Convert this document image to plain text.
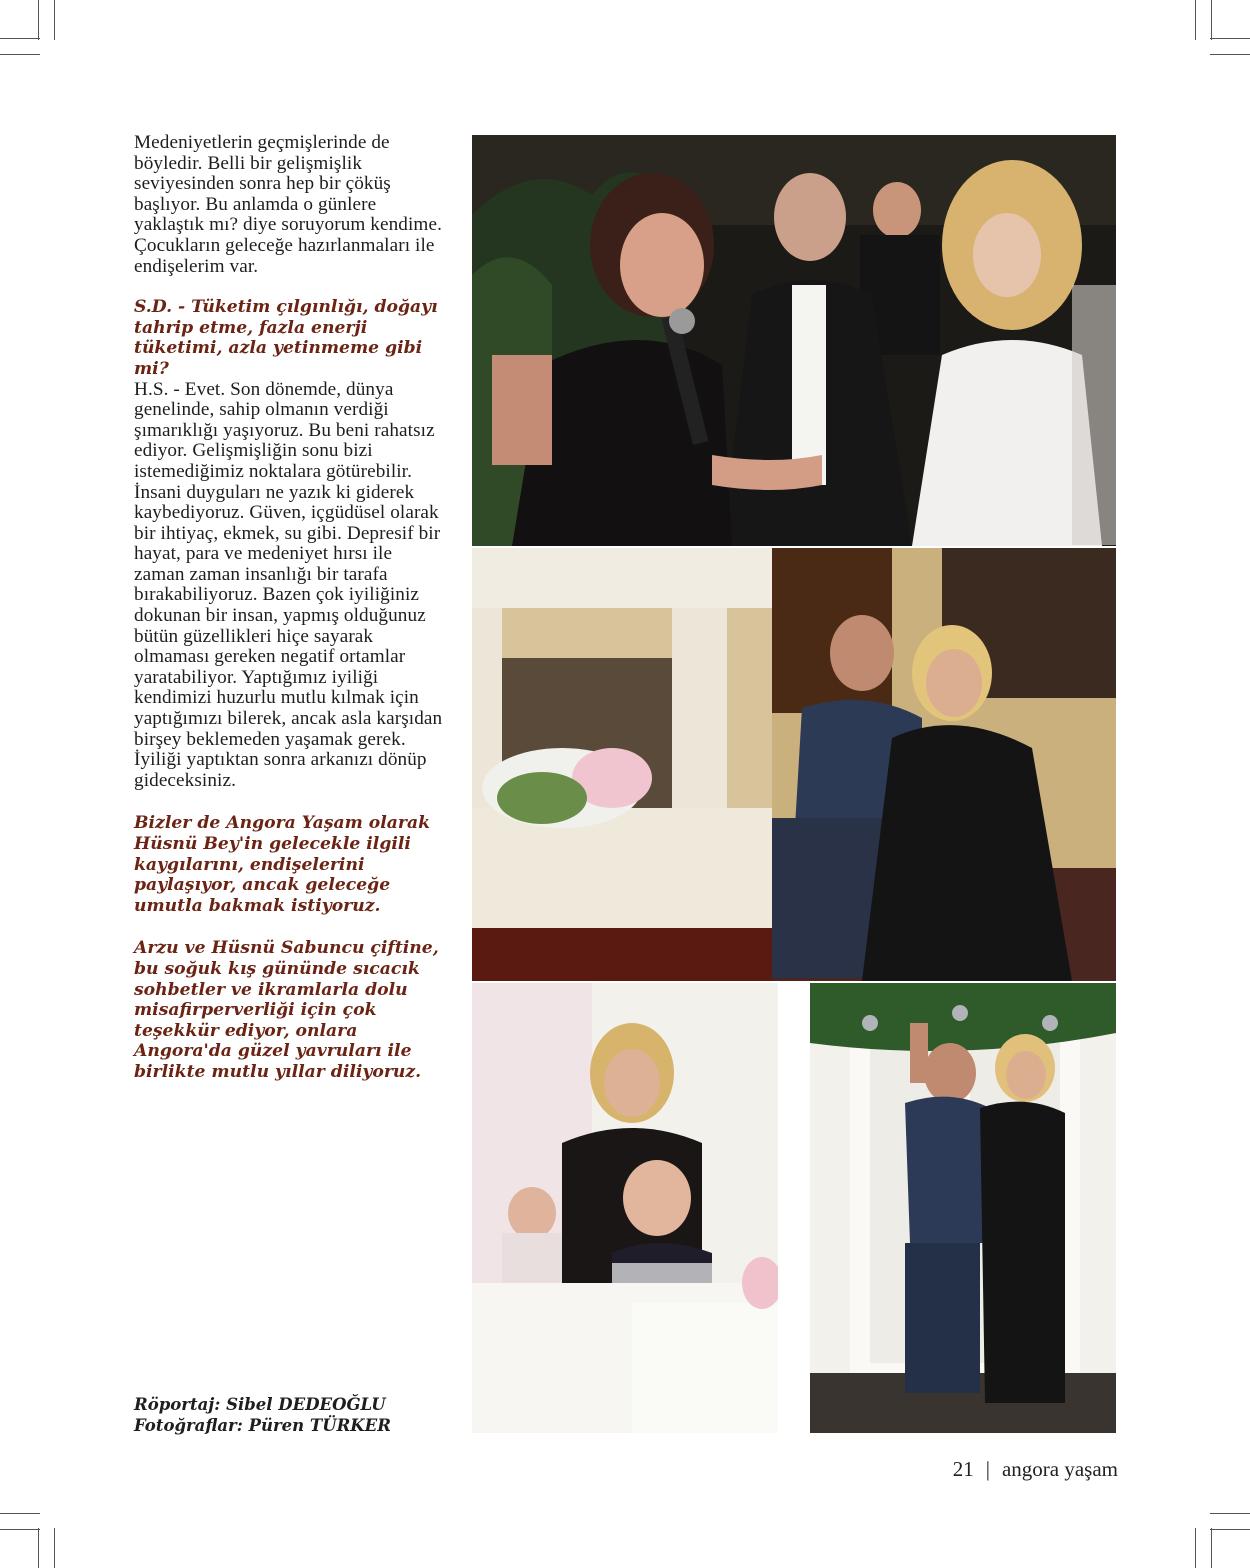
Medeniyetlerin geçmişlerinde de böyledir. Belli bir gelişmişlik seviyesinden sonra hep bir çöküş başlıyor. Bu anlamda o günlere yaklaştık mı? diye soruyorum kendime. Çocukların geleceğe hazırlanmaları ile endişelerim var.

S.D. - Tüketim çılgınlığı, doğayı tahrip etme, fazla enerji tüketimi, azla yetinmeme gibi mi?

H.S. - Evet. Son dönemde, dünya genelinde, sahip olmanın verdiği şımarıklığı yaşıyoruz. Bu beni rahatsız ediyor. Gelişmişliğin sonu bizi istemediğimiz noktalara götürebilir. İnsani duyguları ne yazık ki giderek kaybediyoruz. Güven, içgüdüsel olarak bir ihtiyaç, ekmek, su gibi. Depresif bir hayat, para ve medeniyet hırsı ile zaman zaman insanlığı bir tarafa bırakabiliyoruz. Bazen çok iyiliğiniz dokunan bir insan, yapmış olduğunuz bütün güzellikleri hiçe sayarak olmaması gereken negatif ortamlar yaratabiliyor. Yaptığımız iyiliği kendimizi huzurlu mutlu kılmak için yaptığımızı bilerek, ancak asla karşıdan birşey beklemeden yaşamak gerek. İyiliği yaptıktan sonra arkanızı dönüp gideceksiniz.

Bizler de Angora Yaşam olarak Hüsnü Bey'in gelecekle ilgili kaygılarını, endişelerini paylaşıyor, ancak geleceğe umutla bakmak istiyoruz.

Arzu ve Hüsnü Sabuncu çiftine, bu soğuk kış gününde sıcacık sohbetler ve ikramlarla dolu misafirperverliği için çok teşekkür ediyor, onlara Angora'da güzel yavruları ile birlikte mutlu yıllar diliyoruz.

Röportaj: Sibel DEDEOĞLU
Fotoğraflar: Püren TÜRKER
21 | angora yaşam
